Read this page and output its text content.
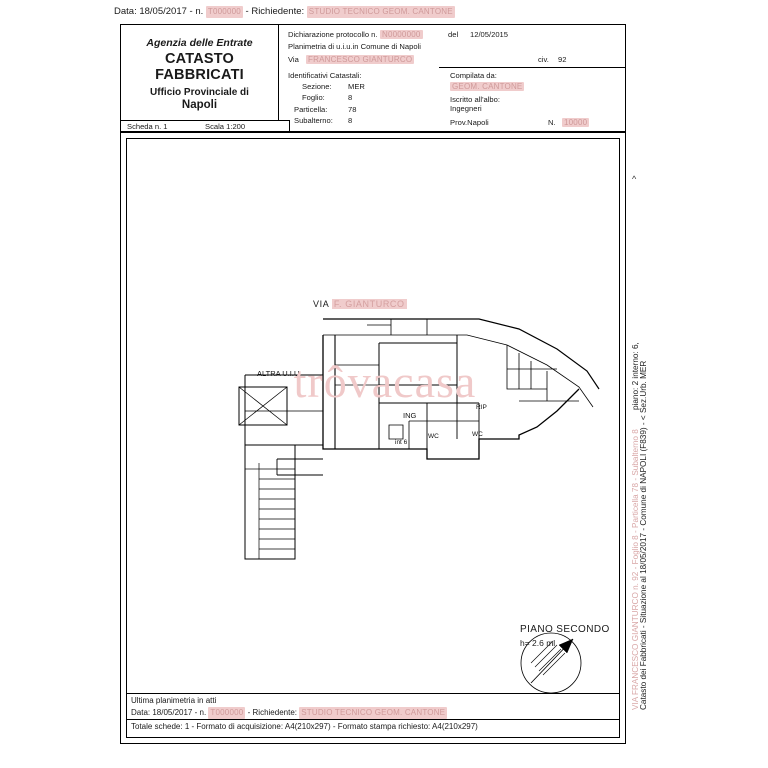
Data: 18/05/2017 - n. T000000 - Richiedente: STUDIO TECNICO GEOM. CANTONE
Agenzia delle Entrate
CATASTO FABBRICATI
Ufficio Provinciale di
Napoli
Dichiarazione protocollo n. N0000000	del 12/05/2015
Planimetria di u.i.u.in Comune di Napoli
Via FRANCESCO GIANTURCO	civ. 92
Identificativi Catastali:
Sezione: MER
Foglio:	8
Particella:	78
Subalterno: 8
Compilata da:
GEOM. CANTONE
Iscritto all'albo:
Ingegneri
Prov.Napoli	N. 10000
Scheda n. 1	Scala 1:200
VIA F. GIANTURCO
ALTRA U.I.U.
ING
RIP
WC
WC
int 6
PIANO SECONDO
h= 2.6 ml
Ultima planimetria in atti
Data: 18/05/2017 - n. T000000 - Richiedente: STUDIO TECNICO GEOM. CANTONE
Totale schede: 1 - Formato di acquisizione: A4(210x297) - Formato stampa richiesto: A4(210x297)
trôvacasa
^
Catasto dei Fabbricati - Situazione al 18/05/2017 - Comune di NAPOLI (F839) - < Sez.Urb. MER
VIA FRANCESCO GIANTURCO n. 92 - Foglio 8 - Particella 78 - Subalterno 8
piano: 2 interno: 6,
